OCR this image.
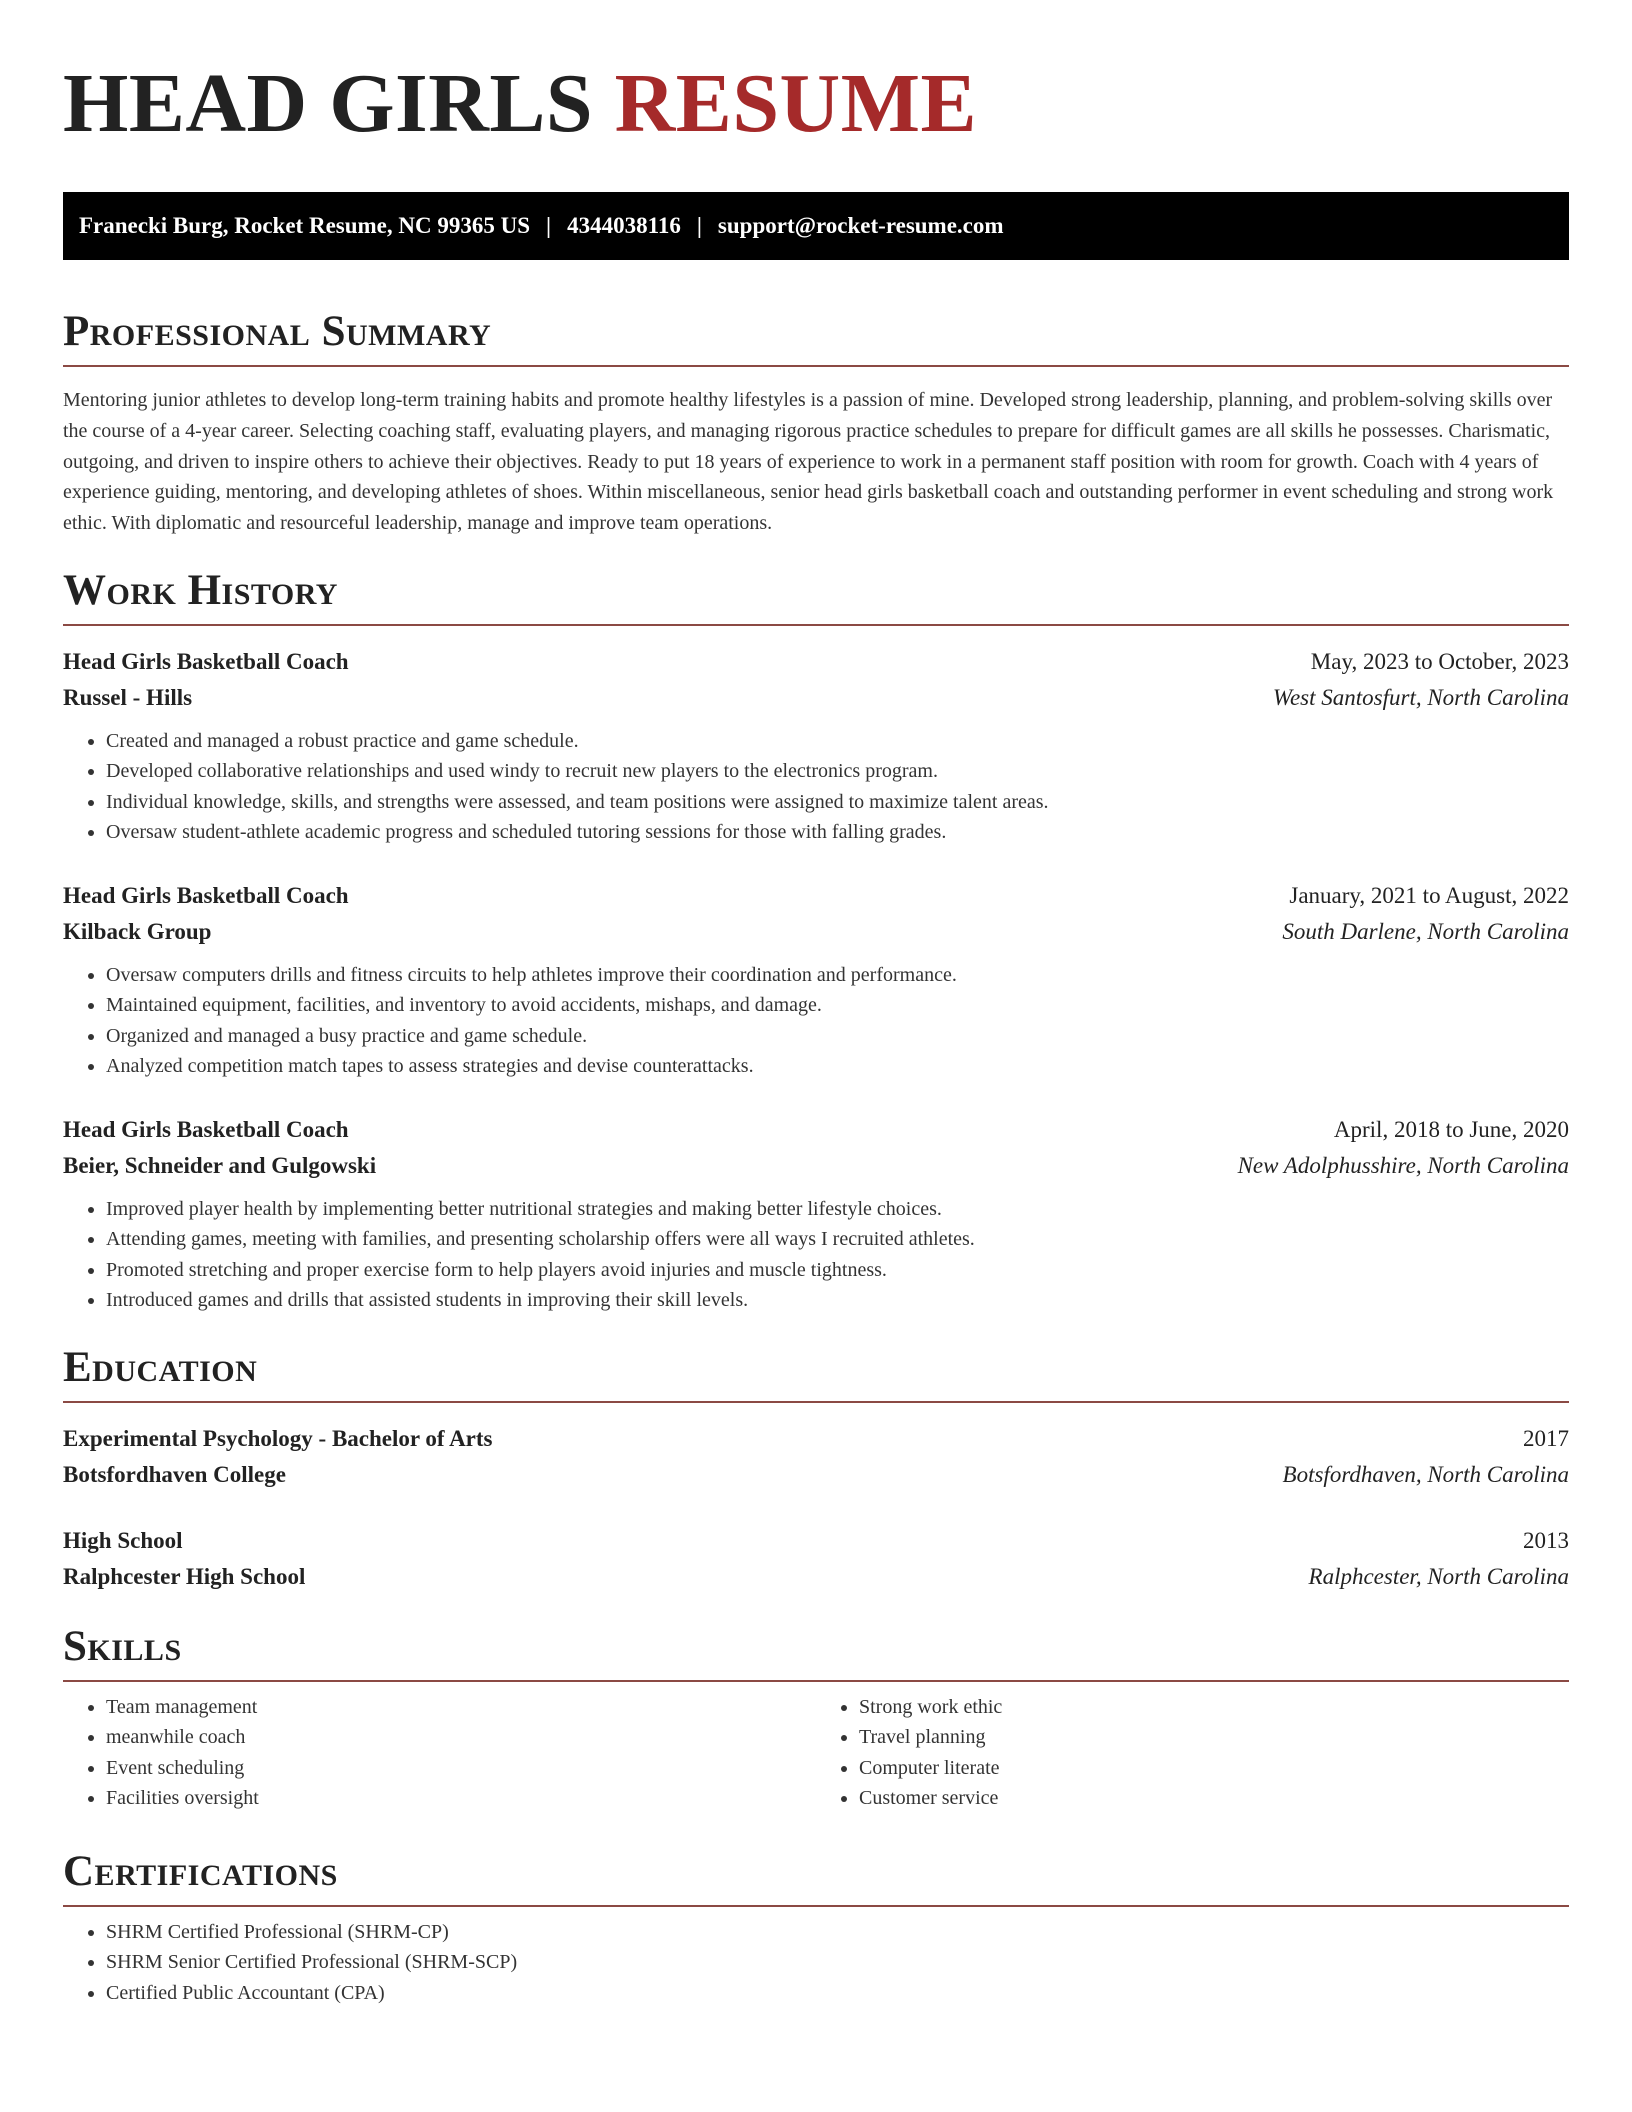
HEAD GIRLS RESUME
Franecki Burg, Rocket Resume, NC 99365 US | 4344038116 | support@rocket-resume.com
Professional Summary

Mentoring junior athletes to develop long-term training habits and promote healthy lifestyles is a passion of mine. Developed strong leadership, planning, and problem-solving skills over the course of a 4-year career. Selecting coaching staff, evaluating players, and managing rigorous practice schedules to prepare for difficult games are all skills he possesses. Charismatic, outgoing, and driven to inspire others to achieve their objectives. Ready to put 18 years of experience to work in a permanent staff position with room for growth. Coach with 4 years of experience guiding, mentoring, and developing athletes of shoes. Within miscellaneous, senior head girls basketball coach and outstanding performer in event scheduling and strong work ethic. With diplomatic and resourceful leadership, manage and improve team operations.

Work History
Head Girls Basketball Coach	May, 2023 to October, 2023
Russel - Hills	West Santosfurt, North Carolina
• Created and managed a robust practice and game schedule.
• Developed collaborative relationships and used windy to recruit new players to the electronics program.
• Individual knowledge, skills, and strengths were assessed, and team positions were assigned to maximize talent areas.
• Oversaw student-athlete academic progress and scheduled tutoring sessions for those with falling grades.
Head Girls Basketball Coach	January, 2021 to August, 2022
Kilback Group	South Darlene, North Carolina
• Oversaw computers drills and fitness circuits to help athletes improve their coordination and performance.
• Maintained equipment, facilities, and inventory to avoid accidents, mishaps, and damage.
• Organized and managed a busy practice and game schedule.
• Analyzed competition match tapes to assess strategies and devise counterattacks.
Head Girls Basketball Coach	April, 2018 to June, 2020
Beier, Schneider and Gulgowski	New Adolphusshire, North Carolina
• Improved player health by implementing better nutritional strategies and making better lifestyle choices.
• Attending games, meeting with families, and presenting scholarship offers were all ways I recruited athletes.
• Promoted stretching and proper exercise form to help players avoid injuries and muscle tightness.
• Introduced games and drills that assisted students in improving their skill levels.
Education
Experimental Psychology - Bachelor of Arts	2017
Botsfordhaven College	Botsfordhaven, North Carolina
High School	2013
Ralphcester High School	Ralphcester, North Carolina
Skills
• Team management
• meanwhile coach
• Event scheduling
• Facilities oversight
• Strong work ethic
• Travel planning
• Computer literate
• Customer service
Certifications
• SHRM Certified Professional (SHRM-CP)
• SHRM Senior Certified Professional (SHRM-SCP)
• Certified Public Accountant (CPA)
